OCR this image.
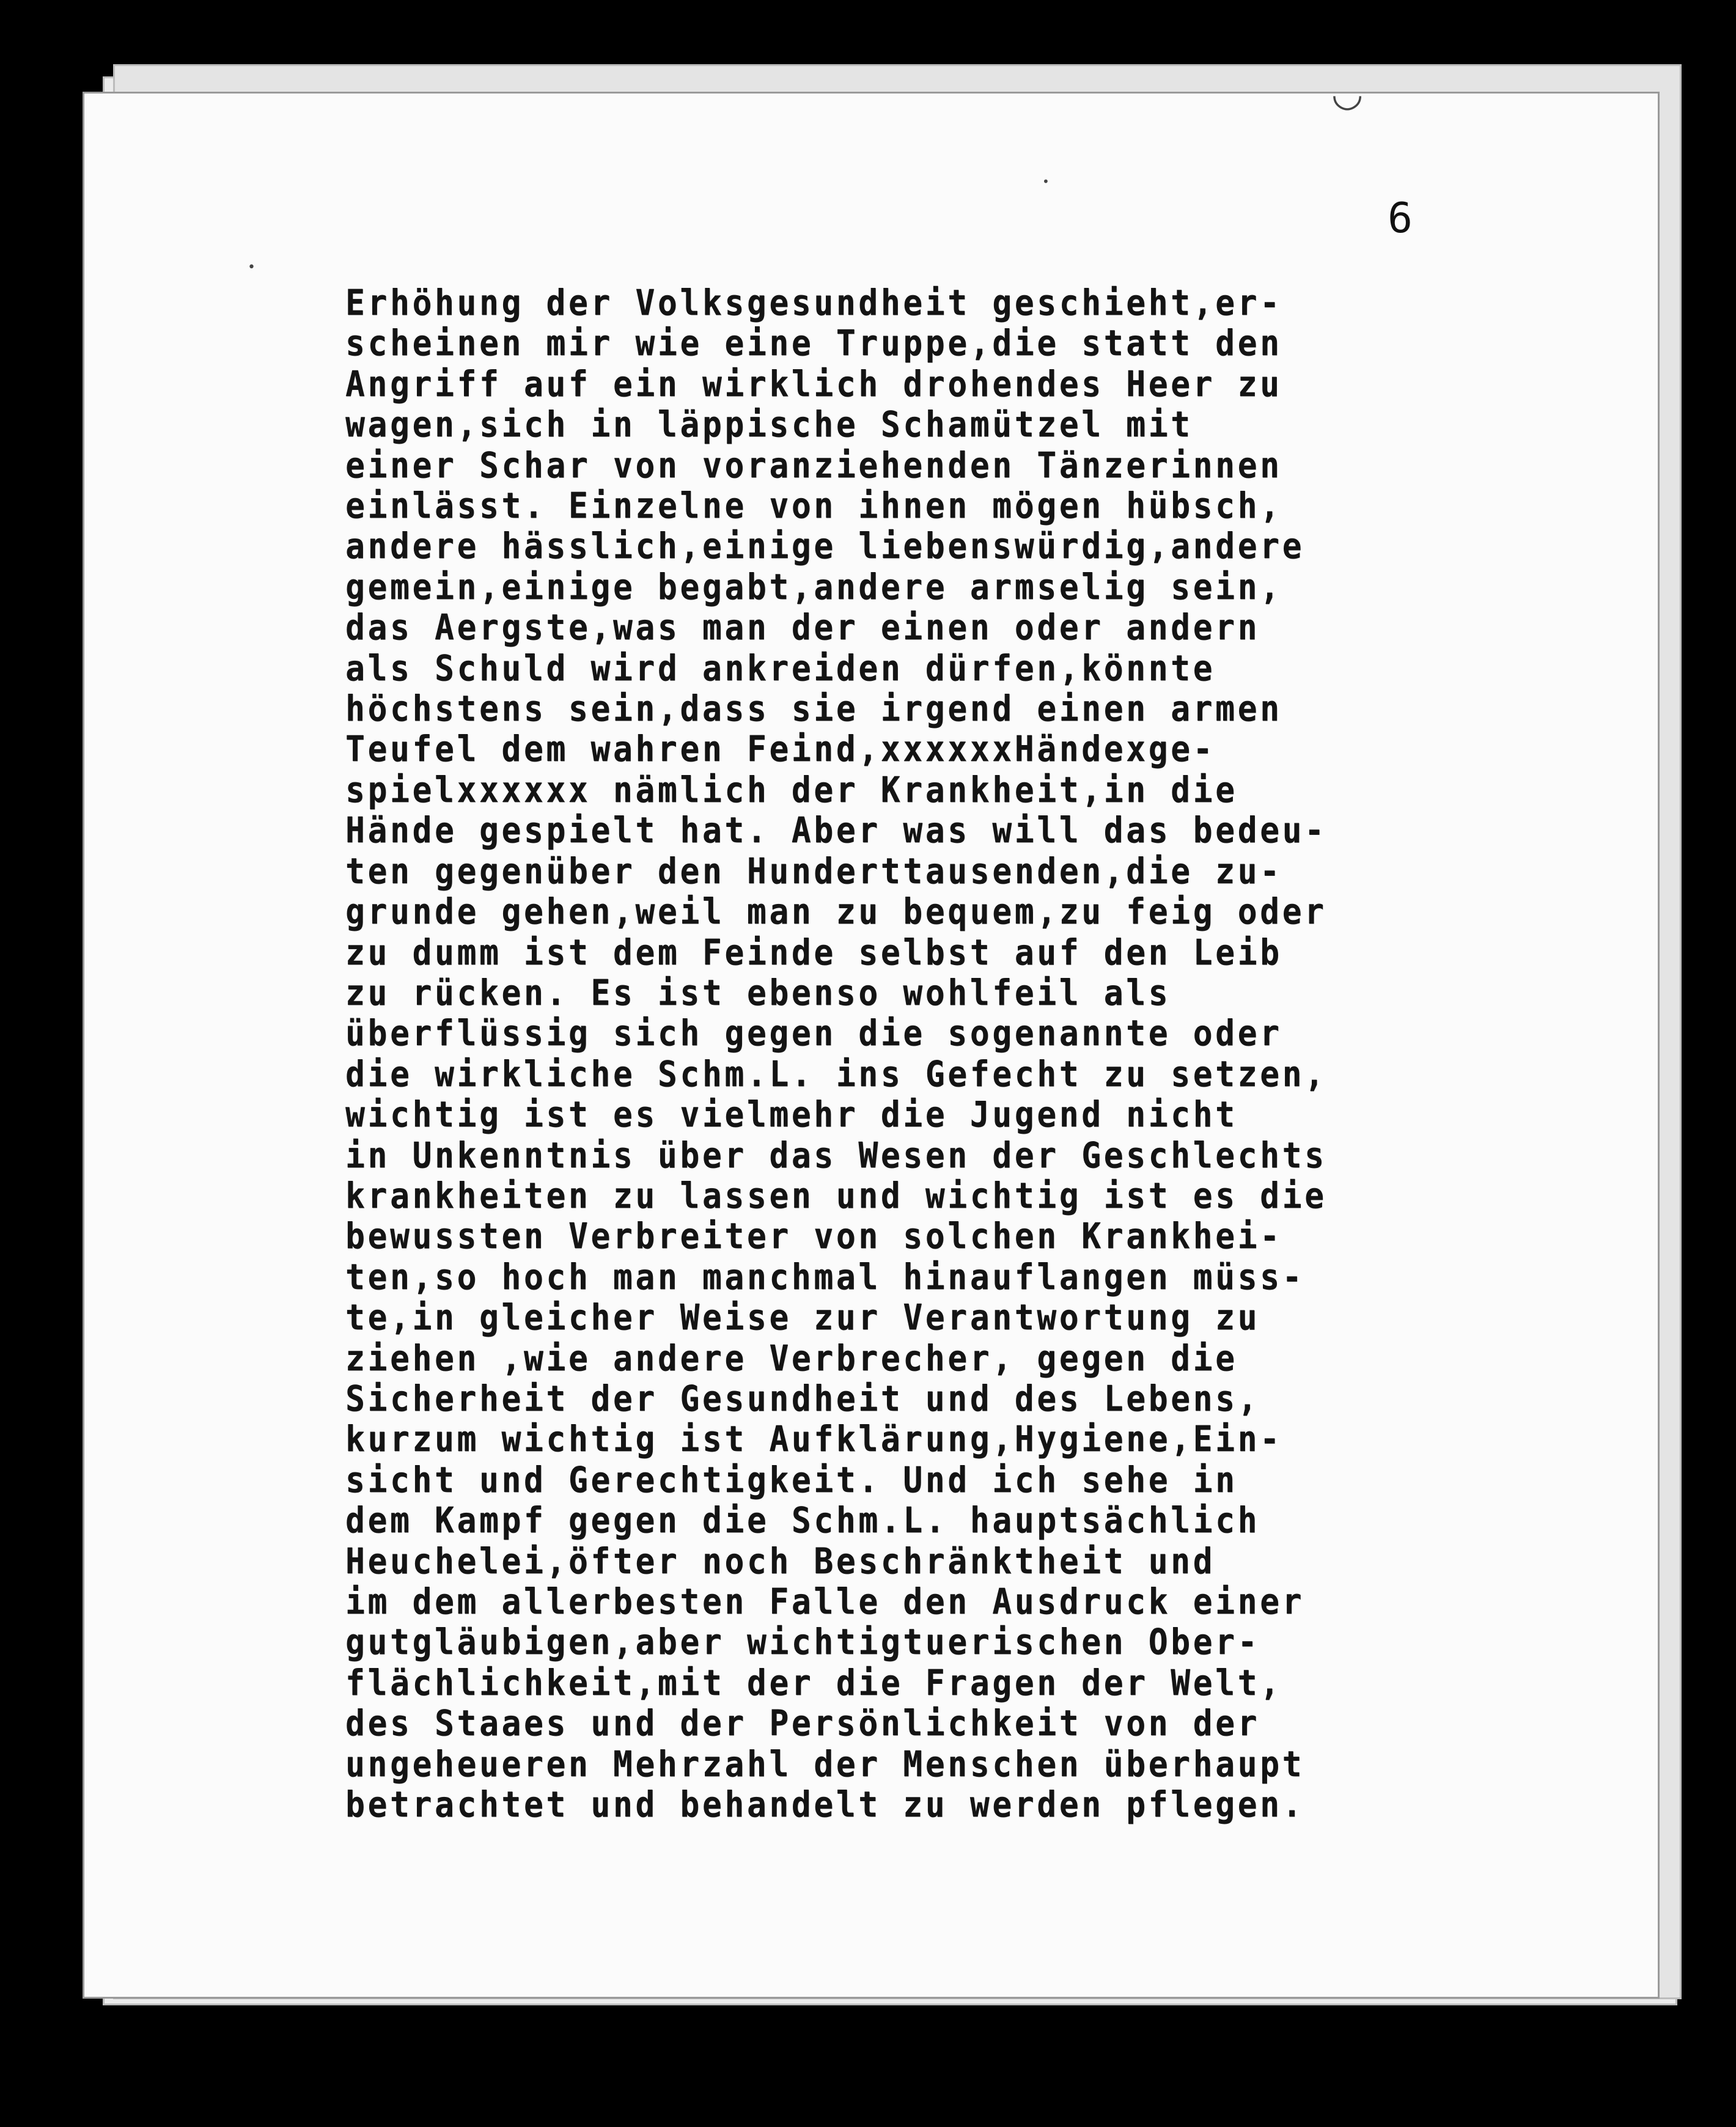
◡
•
•
6
Erhöhung der Volksgesundheit geschieht,er-
scheinen mir wie eine Truppe,die statt den
Angriff auf ein wirklich drohendes Heer zu
wagen,sich in läppische Schamützel mit
einer Schar von voranziehenden Tänzerinnen
einlässt. Einzelne von ihnen mögen hübsch,
andere hässlich,einige liebenswürdig,andere
gemein,einige begabt,andere armselig sein,
das Aergste,was man der einen oder andern
als Schuld wird ankreiden dürfen,könnte
höchstens sein,dass sie irgend einen armen
Teufel dem wahren Feind,xxxxxxHändexge-
spielxxxxxx nämlich der Krankheit,in die
Hände gespielt hat. Aber was will das bedeu-
ten gegenüber den Hunderttausenden,die zu-
grunde gehen,weil man zu bequem,zu feig oder
zu dumm ist dem Feinde selbst auf den Leib
zu rücken. Es ist ebenso wohlfeil als
überflüssig sich gegen die sogenannte oder
die wirkliche Schm.L. ins Gefecht zu setzen,
wichtig ist es vielmehr die Jugend nicht
in Unkenntnis über das Wesen der Geschlechts
krankheiten zu lassen und wichtig ist es die
bewussten Verbreiter von solchen Krankhei-
ten,so hoch man manchmal hinauflangen müss-
te,in gleicher Weise zur Verantwortung zu
ziehen ,wie andere Verbrecher, gegen die
Sicherheit der Gesundheit und des Lebens,
kurzum wichtig ist Aufklärung,Hygiene,Ein-
sicht und Gerechtigkeit. Und ich sehe in
dem Kampf gegen die Schm.L. hauptsächlich
Heuchelei,öfter noch Beschränktheit und
im dem allerbesten Falle den Ausdruck einer
gutgläubigen,aber wichtigtuerischen Ober-
flächlichkeit,mit der die Fragen der Welt,
des Staaes und der Persönlichkeit von der
ungeheueren Mehrzahl der Menschen überhaupt
betrachtet und behandelt zu werden pflegen.
